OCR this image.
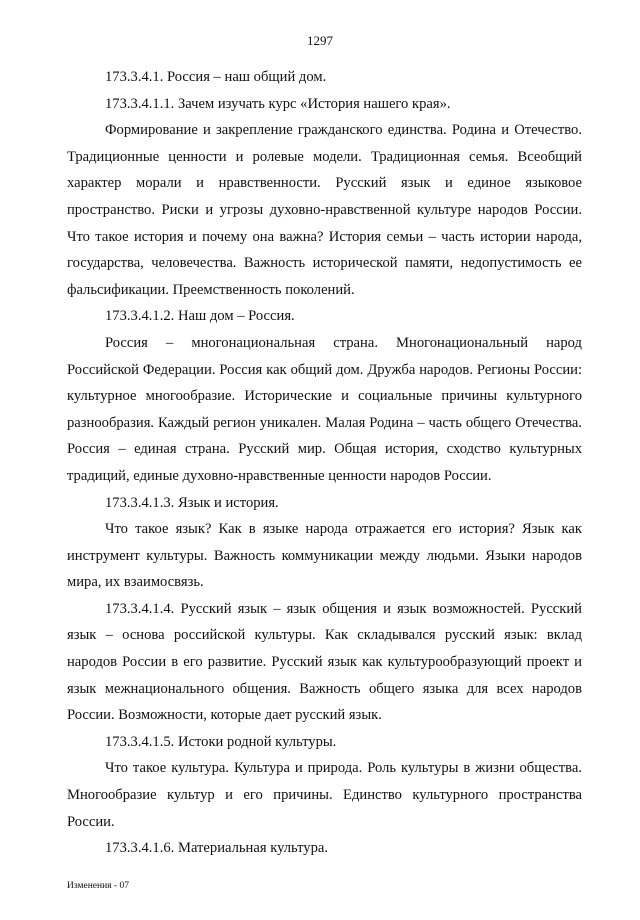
1297

173.3.4.1. Россия – наш общий дом.

173.3.4.1.1. Зачем изучать курс «История нашего края».

Формирование и закрепление гражданского единства. Родина и Отечество. Традиционные ценности и ролевые модели. Традиционная семья. Всеобщий характер морали и нравственности. Русский язык и единое языковое пространство. Риски и угрозы духовно-нравственной культуре народов России. Что такое история и почему она важна? История семьи – часть истории народа, государства, человечества. Важность исторической памяти, недопустимость ее фальсификации. Преемственность поколений.

173.3.4.1.2. Наш дом – Россия.

Россия – многонациональная страна. Многонациональный народ Российской Федерации. Россия как общий дом. Дружба народов. Регионы России: культурное многообразие. Исторические и социальные причины культурного разнообразия. Каждый регион уникален. Малая Родина – часть общего Отечества. Россия – единая страна. Русский мир. Общая история, сходство культурных традиций, единые духовно-нравственные ценности народов России.

173.3.4.1.3. Язык и история.

Что такое язык? Как в языке народа отражается его история? Язык как инструмент культуры. Важность коммуникации между людьми. Языки народов мира, их взаимосвязь.

173.3.4.1.4. Русский язык – язык общения и язык возможностей. Русский язык – основа российской культуры. Как складывался русский язык: вклад народов России в его развитие. Русский язык как культурообразующий проект и язык межнационального общения. Важность общего языка для всех народов России. Возможности, которые дает русский язык.

173.3.4.1.5. Истоки родной культуры.

Что такое культура. Культура и природа. Роль культуры в жизни общества. Многообразие культур и его причины. Единство культурного пространства России.

173.3.4.1.6. Материальная культура.

Изменения - 07
